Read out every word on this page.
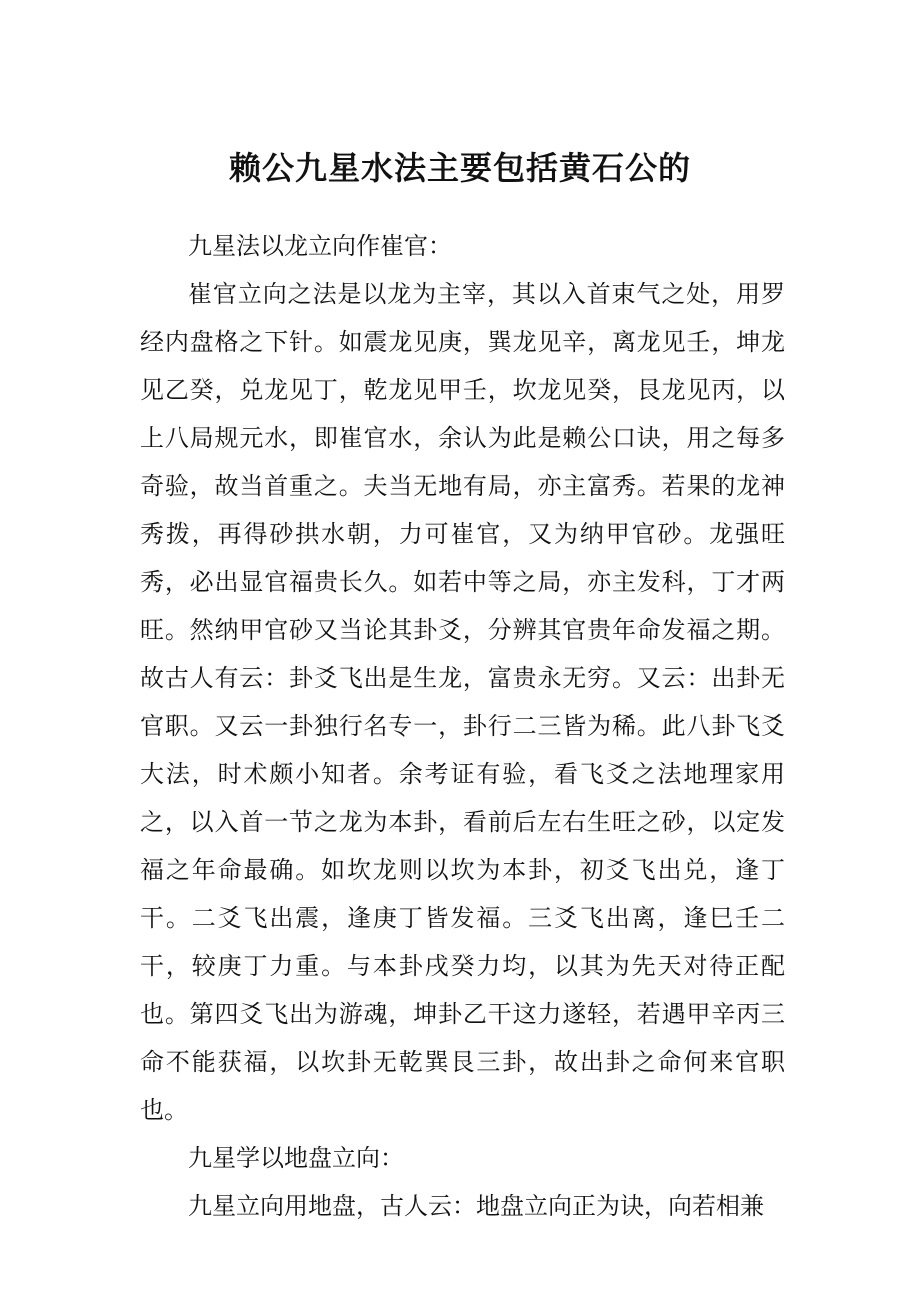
赖公九星水法主要包括黄石公的

九星法以龙立向作崔官：

崔官立向之法是以龙为主宰，其以入首束气之处，用罗经内盘格之下针。如震龙见庚，巽龙见辛，离龙见壬，坤龙见乙癸，兑龙见丁，乾龙见甲壬，坎龙见癸，艮龙见丙，以上八局规元水，即崔官水，余认为此是赖公口诀，用之每多奇验，故当首重之。夫当无地有局，亦主富秀。若果的龙神秀拨，再得砂拱水朝，力可崔官，又为纳甲官砂。龙强旺秀，必出显官福贵长久。如若中等之局，亦主发科，丁才两旺。然纳甲官砂又当论其卦爻，分辨其官贵年命发福之期。故古人有云：卦爻飞出是生龙，富贵永无穷。又云：出卦无官职。又云一卦独行名专一，卦行二三皆为稀。此八卦飞爻大法，时术颇小知者。余考证有验，看飞爻之法地理家用之，以入首一节之龙为本卦，看前后左右生旺之砂，以定发福之年命最确。如坎龙则以坎为本卦，初爻飞出兑，逢丁干。二爻飞出震，逢庚丁皆发福。三爻飞出离，逢巳壬二干，较庚丁力重。与本卦戌癸力均，以其为先天对待正配也。第四爻飞出为游魂，坤卦乙干这力遂轻，若遇甲辛丙三命不能获福，以坎卦无乾巽艮三卦，故出卦之命何来官职也。

九星学以地盘立向：

九星立向用地盘，古人云：地盘立向正为诀，向若相兼
